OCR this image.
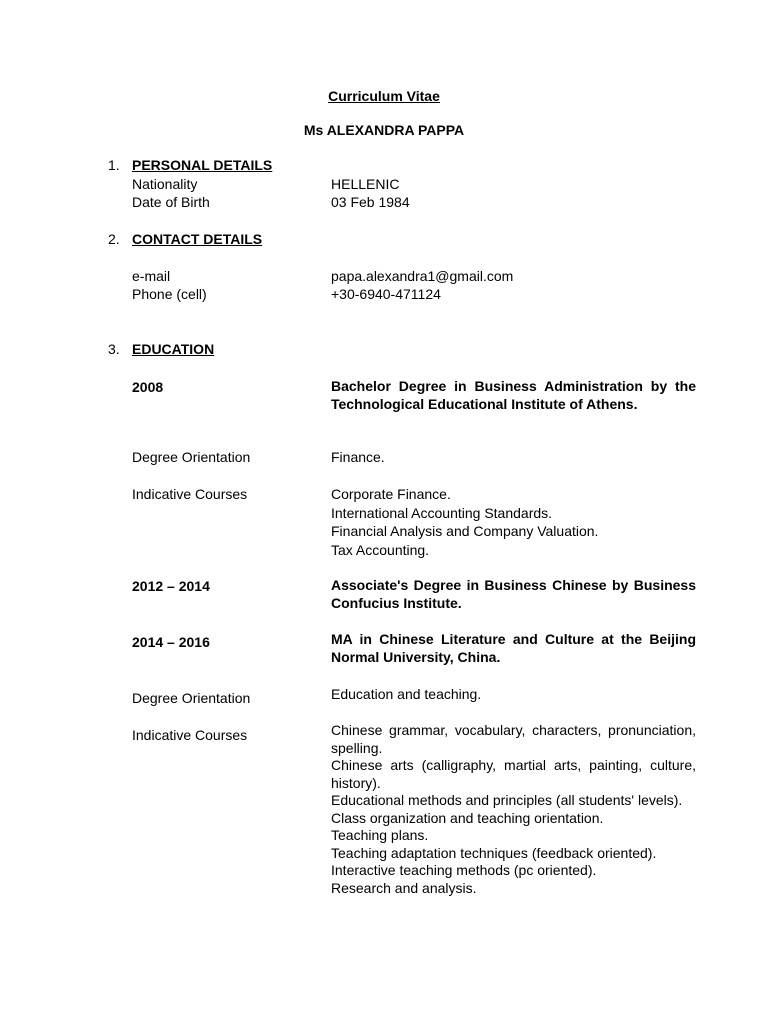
Curriculum Vitae
Ms ALEXANDRA PAPPA
1. PERSONAL DETAILS
Nationality	HELLENIC
Date of Birth	03 Feb 1984
2. CONTACT DETAILS
e-mail	papa.alexandra1@gmail.com
Phone (cell)	+30-6940-471124
3. EDUCATION
2008	Bachelor Degree in Business Administration by the Technological Educational Institute of Athens.
Degree Orientation	Finance.
Indicative Courses	Corporate Finance.
International Accounting Standards.
Financial Analysis and Company Valuation.
Tax Accounting.
2012 – 2014	Associate's Degree in Business Chinese by Business Confucius Institute.
2014 – 2016	MA in Chinese Literature and Culture at the Beijing Normal University, China.
Degree Orientation	Education and teaching.
Indicative Courses	Chinese grammar, vocabulary, characters, pronunciation, spelling.
Chinese arts (calligraphy, martial arts, painting, culture, history).
Educational methods and principles (all students' levels).
Class organization and teaching orientation.
Teaching plans.
Teaching adaptation techniques (feedback oriented).
Interactive teaching methods (pc oriented).
Research and analysis.
